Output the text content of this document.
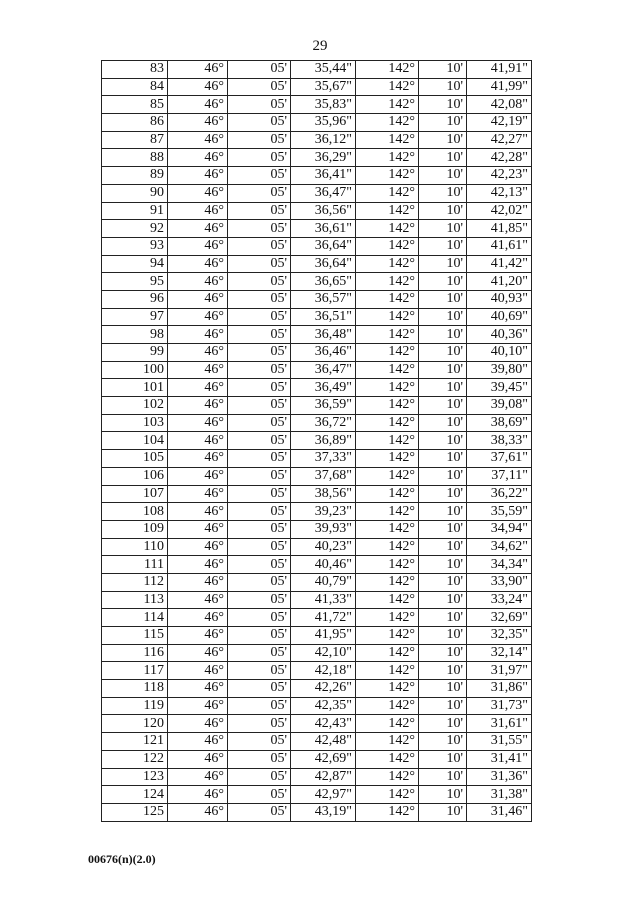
29
83	46°	05'	35,44"	142°	10'	41,91"
84	46°	05'	35,67"	142°	10'	41,99"
85	46°	05'	35,83"	142°	10'	42,08"
86	46°	05'	35,96"	142°	10'	42,19"
87	46°	05'	36,12"	142°	10'	42,27"
88	46°	05'	36,29"	142°	10'	42,28"
89	46°	05'	36,41"	142°	10'	42,23"
90	46°	05'	36,47"	142°	10'	42,13"
91	46°	05'	36,56"	142°	10'	42,02"
92	46°	05'	36,61"	142°	10'	41,85"
93	46°	05'	36,64"	142°	10'	41,61"
94	46°	05'	36,64"	142°	10'	41,42"
95	46°	05'	36,65"	142°	10'	41,20"
96	46°	05'	36,57"	142°	10'	40,93"
97	46°	05'	36,51"	142°	10'	40,69"
98	46°	05'	36,48"	142°	10'	40,36"
99	46°	05'	36,46"	142°	10'	40,10"
100	46°	05'	36,47"	142°	10'	39,80"
101	46°	05'	36,49"	142°	10'	39,45"
102	46°	05'	36,59"	142°	10'	39,08"
103	46°	05'	36,72"	142°	10'	38,69"
104	46°	05'	36,89"	142°	10'	38,33"
105	46°	05'	37,33"	142°	10'	37,61"
106	46°	05'	37,68"	142°	10'	37,11"
107	46°	05'	38,56"	142°	10'	36,22"
108	46°	05'	39,23"	142°	10'	35,59"
109	46°	05'	39,93"	142°	10'	34,94"
110	46°	05'	40,23"	142°	10'	34,62"
111	46°	05'	40,46"	142°	10'	34,34"
112	46°	05'	40,79"	142°	10'	33,90"
113	46°	05'	41,33"	142°	10'	33,24"
114	46°	05'	41,72"	142°	10'	32,69"
115	46°	05'	41,95"	142°	10'	32,35"
116	46°	05'	42,10"	142°	10'	32,14"
117	46°	05'	42,18"	142°	10'	31,97"
118	46°	05'	42,26"	142°	10'	31,86"
119	46°	05'	42,35"	142°	10'	31,73"
120	46°	05'	42,43"	142°	10'	31,61"
121	46°	05'	42,48"	142°	10'	31,55"
122	46°	05'	42,69"	142°	10'	31,41"
123	46°	05'	42,87"	142°	10'	31,36"
124	46°	05'	42,97"	142°	10'	31,38"
125	46°	05'	43,19"	142°	10'	31,46"
00676(n)(2.0)
